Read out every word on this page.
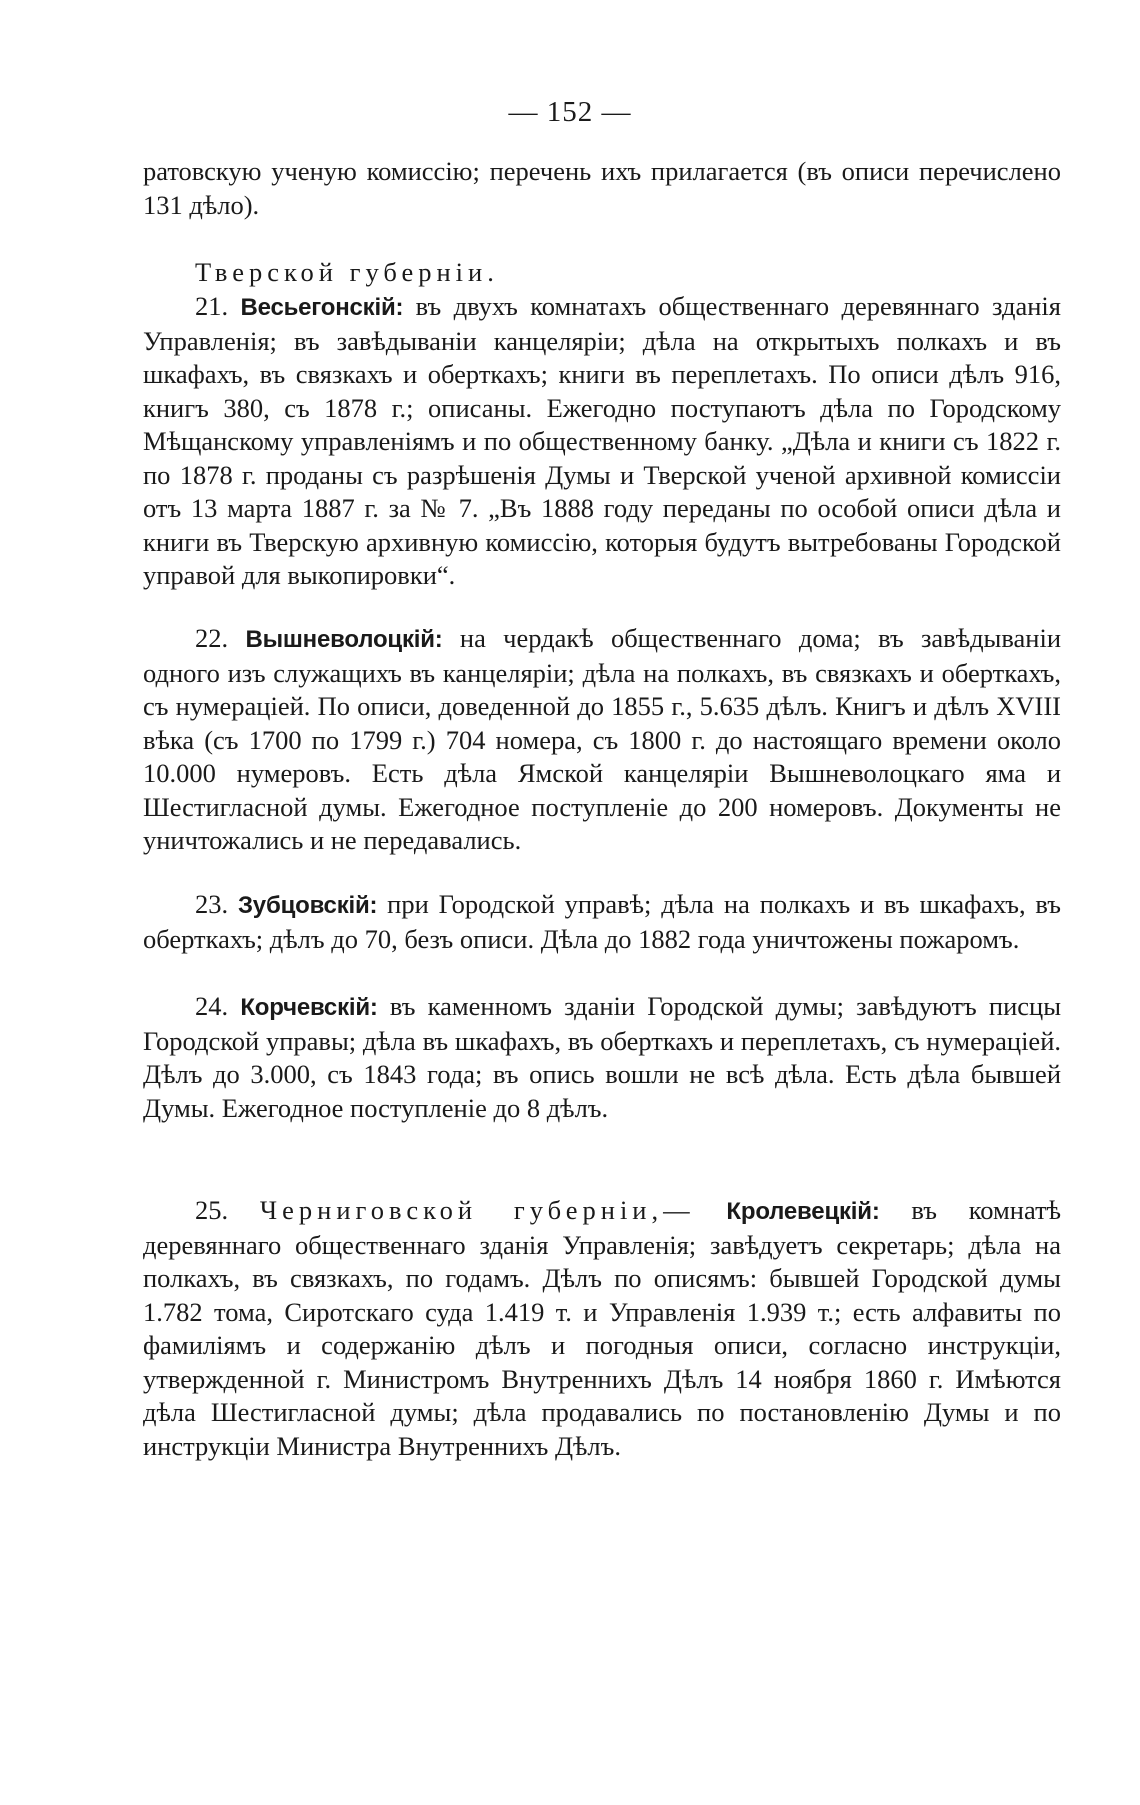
— 152 —

ратовскую ученую комиссію; перечень ихъ прилагается (въ описи перечислено 131 дѣло).

Тверской губерніи.

21. Весьегонскій: въ двухъ комнатахъ общественнаго деревяннаго зданія Управленія; въ завѣдываніи канцеляріи; дѣла на открытыхъ полкахъ и въ шкафахъ, въ связкахъ и оберткахъ; книги въ переплетахъ. По описи дѣлъ 916, книгъ 380, съ 1878 г.; описаны. Ежегодно поступаютъ дѣла по Городскому Мѣщанскому управленіямъ и по общественному банку. „Дѣла и книги съ 1822 г. по 1878 г. проданы съ разрѣшенія Думы и Тверской ученой архивной комиссіи отъ 13 марта 1887 г. за № 7. „Въ 1888 году переданы по особой описи дѣла и книги въ Тверскую архивную комиссію, которыя будутъ вытребованы Городской управой для выкопировки“.

22. Вышневолоцкій: на чердакѣ общественнаго дома; въ завѣдываніи одного изъ служащихъ въ канцеляріи; дѣла на полкахъ, въ связкахъ и оберткахъ, съ нумераціей. По описи, доведенной до 1855 г., 5.635 дѣлъ. Книгъ и дѣлъ XVIII вѣка (съ 1700 по 1799 г.) 704 номера, съ 1800 г. до настоящаго времени около 10.000 нумеровъ. Есть дѣла Ямской канцеляріи Вышневолоцкаго яма и Шестигласной думы. Ежегодное поступленіе до 200 номеровъ. Документы не уничтожались и не передавались.

23. Зубцовскій: при Городской управѣ; дѣла на полкахъ и въ шкафахъ, въ оберткахъ; дѣлъ до 70, безъ описи. Дѣла до 1882 года уничтожены пожаромъ.

24. Корчевскій: въ каменномъ зданіи Городской думы; завѣдуютъ писцы Городской управы; дѣла въ шкафахъ, въ оберткахъ и переплетахъ, съ нумераціей. Дѣлъ до 3.000, съ 1843 года; въ опись вошли не всѣ дѣла. Есть дѣла бывшей Думы. Ежегодное поступленіе до 8 дѣлъ.

25. Черниговской губерніи,— Кролевецкій: въ комнатѣ деревяннаго общественнаго зданія Управленія; завѣдуетъ секретарь; дѣла на полкахъ, въ связкахъ, по годамъ. Дѣлъ по описямъ: бывшей Городской думы 1.782 тома, Сиротскаго суда 1.419 т. и Управленія 1.939 т.; есть алфавиты по фамиліямъ и содержанію дѣлъ и погодныя описи, согласно инструкціи, утвержденной г. Министромъ Внутреннихъ Дѣлъ 14 ноября 1860 г. Имѣются дѣла Шестигласной думы; дѣла продавались по постановленію Думы и по инструкціи Министра Внутреннихъ Дѣлъ.
